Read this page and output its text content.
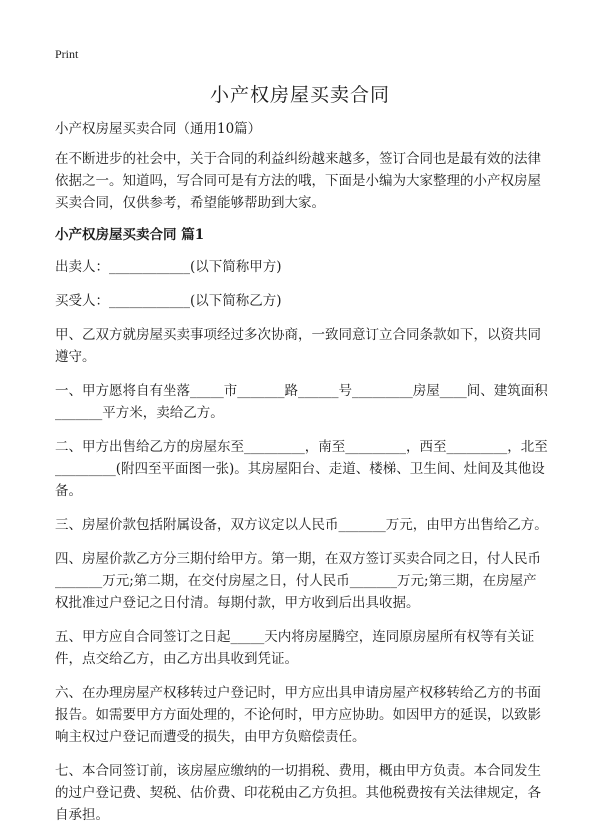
Print
小产权房屋买卖合同

小产权房屋买卖合同（通用10篇）

在不断进步的社会中，关于合同的利益纠纷越来越多，签订合同也是最有效的法律依据之一。知道吗，写合同可是有方法的哦，下面是小编为大家整理的小产权房屋买卖合同，仅供参考，希望能够帮助到大家。

小产权房屋买卖合同 篇1

出卖人：____________(以下简称甲方)

买受人：____________(以下简称乙方)

甲、乙双方就房屋买卖事项经过多次协商，一致同意订立合同条款如下，以资共同遵守。

一、甲方愿将自有坐落_____市_______路______号_________房屋____间、建筑面积_______平方米，卖给乙方。

二、甲方出售给乙方的房屋东至_________，南至_________，西至_________，北至_________(附四至平面图一张)。其房屋阳台、走道、楼梯、卫生间、灶间及其他设备。

三、房屋价款包括附属设备，双方议定以人民币_______万元，由甲方出售给乙方。

四、房屋价款乙方分三期付给甲方。第一期，在双方签订买卖合同之日，付人民币_______万元;第二期，在交付房屋之日，付人民币_______万元;第三期，在房屋产权批准过户登记之日付清。每期付款，甲方收到后出具收据。

五、甲方应自合同签订之日起_____天内将房屋腾空，连同原房屋所有权等有关证件，点交给乙方，由乙方出具收到凭证。

六、在办理房屋产权移转过户登记时，甲方应出具申请房屋产权移转给乙方的书面报告。如需要甲方方面处理的，不论何时，甲方应协助。如因甲方的延误，以致影响主权过户登记而遭受的损失，由甲方负赔偿责任。

七、本合同签订前，该房屋应缴纳的一切捐税、费用，概由甲方负责。本合同发生的过户登记费、契税、估价费、印花税由乙方负担。其他税费按有关法律规定，各自承担。
